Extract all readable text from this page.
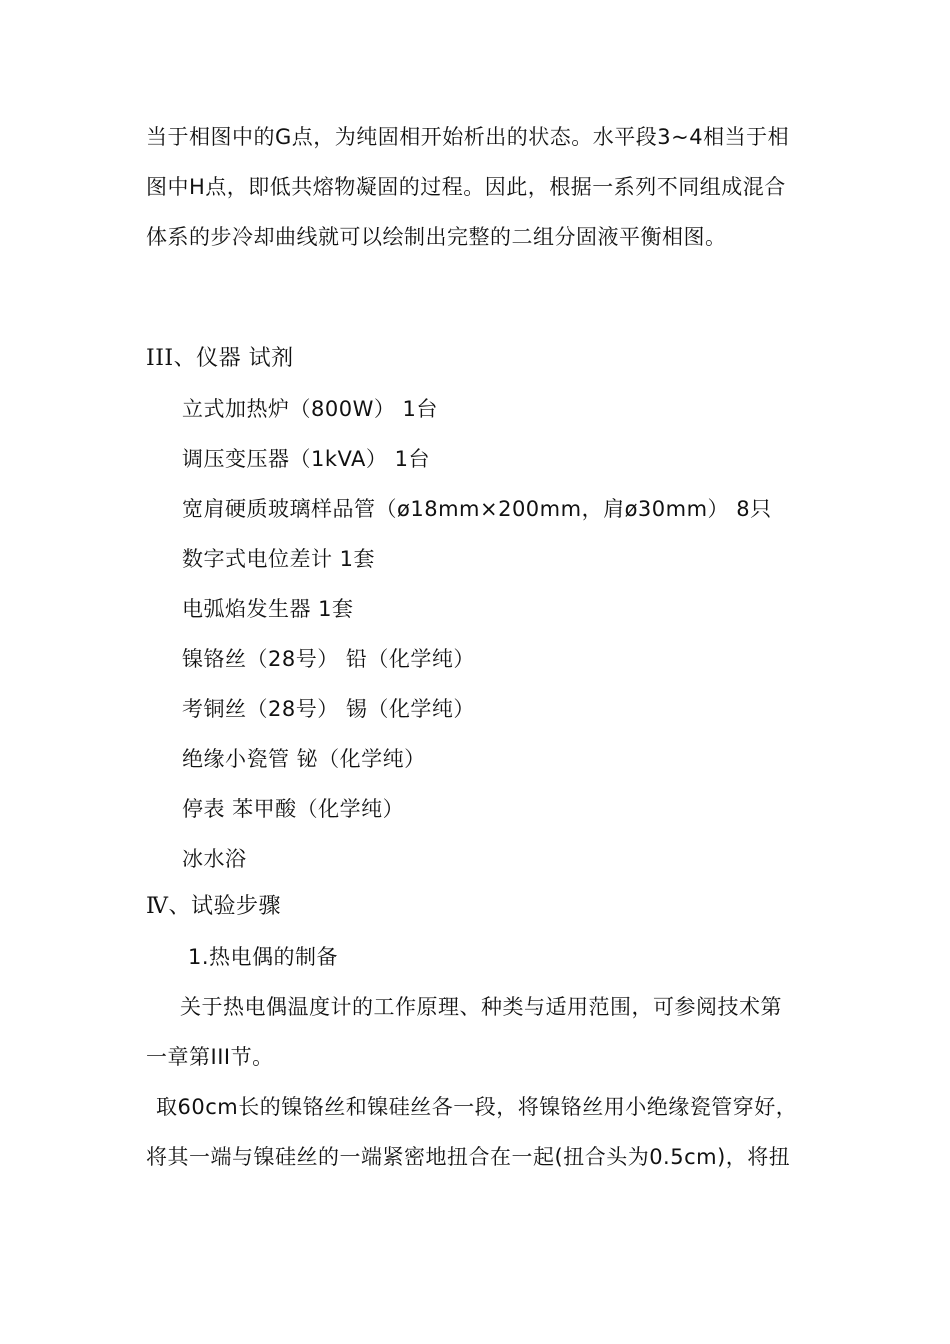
当于相图中的G点，为纯固相开始析出的状态。水平段3~4相当于相
图中H点，即低共熔物凝固的过程。因此，根据一系列不同组成混合
体系的步冷却曲线就可以绘制出完整的二组分固液平衡相图。
III、仪器 试剂
立式加热炉（800W） 1台
调压变压器（1kVA） 1台
宽肩硬质玻璃样品管（ø18mm×200mm，肩ø30mm） 8只
数字式电位差计 1套
电弧焰发生器 1套
镍铬丝（28号） 铅（化学纯）
考铜丝（28号） 锡（化学纯）
绝缘小瓷管 铋（化学纯）
停表 苯甲酸（化学纯）
冰水浴
Ⅳ、试验步骤
1.热电偶的制备
关于热电偶温度计的工作原理、种类与适用范围，可参阅技术第
一章第III节。
取60cm长的镍铬丝和镍硅丝各一段，将镍铬丝用小绝缘瓷管穿好，
将其一端与镍硅丝的一端紧密地扭合在一起(扭合头为0.5cm)，将扭
